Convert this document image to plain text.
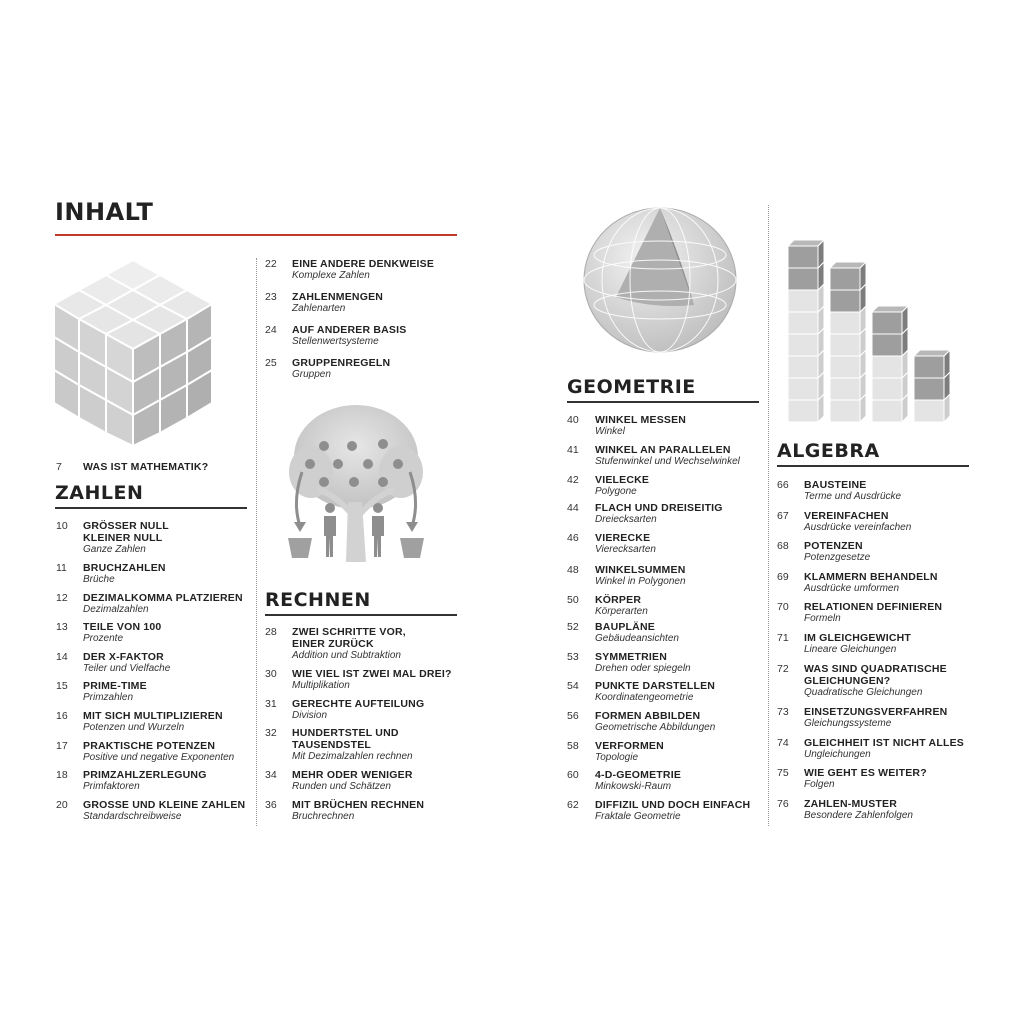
INHALT
7 WAS IST MATHEMATIK?
ZAHLEN
10 GRÖSSER NULL
KLEINER NULL
Ganze Zahlen
11 BRUCHZAHLEN
Brüche
12 DEZIMALKOMMA PLATZIEREN
Dezimalzahlen
13 TEILE VON 100
Prozente
14 DER X-FAKTOR
Teiler und Vielfache
15 PRIME-TIME
Primzahlen
16 MIT SICH MULTIPLIZIEREN
Potenzen und Wurzeln
17 PRAKTISCHE POTENZEN
Positive und negative Exponenten
18 PRIMZAHLZERLEGUNG
Primfaktoren
20 GROSSE UND KLEINE ZAHLEN
Standardschreibweise
22 EINE ANDERE DENKWEISE
Komplexe Zahlen
23 ZAHLENMENGEN
Zahlenarten
24 AUF ANDERER BASIS
Stellenwertsysteme
25 GRUPPENREGELN
Gruppen
RECHNEN
28 ZWEI SCHRITTE VOR,
EINER ZURÜCK
Addition und Subtraktion
30 WIE VIEL IST ZWEI MAL DREI?
Multiplikation
31 GERECHTE AUFTEILUNG
Division
32 HUNDERTSTEL UND
TAUSENDSTEL
Mit Dezimalzahlen rechnen
34 MEHR ODER WENIGER
Runden und Schätzen
36 MIT BRÜCHEN RECHNEN
Bruchrechnen
GEOMETRIE
40 WINKEL MESSEN
Winkel
41 WINKEL AN PARALLELEN
Stufenwinkel und Wechselwinkel
42 VIELECKE
Polygone
44 FLACH UND DREISEITIG
Dreiecksarten
46 VIERECKE
Vierecksarten
48 WINKELSUMMEN
Winkel in Polygonen
50 KÖRPER
Körperarten
52 BAUPLÄNE
Gebäudeansichten
53 SYMMETRIEN
Drehen oder spiegeln
54 PUNKTE DARSTELLEN
Koordinatengeometrie
56 FORMEN ABBILDEN
Geometrische Abbildungen
58 VERFORMEN
Topologie
60 4-D-GEOMETRIE
Minkowski-Raum
62 DIFFIZIL UND DOCH EINFACH
Fraktale Geometrie
ALGEBRA
66 BAUSTEINE
Terme und Ausdrücke
67 VEREINFACHEN
Ausdrücke vereinfachen
68 POTENZEN
Potenzgesetze
69 KLAMMERN BEHANDELN
Ausdrücke umformen
70 RELATIONEN DEFINIEREN
Formeln
71 IM GLEICHGEWICHT
Lineare Gleichungen
72 WAS SIND QUADRATISCHE
GLEICHUNGEN?
Quadratische Gleichungen
73 EINSETZUNGSVERFAHREN
Gleichungssysteme
74 GLEICHHEIT IST NICHT ALLES
Ungleichungen
75 WIE GEHT ES WEITER?
Folgen
76 ZAHLEN-MUSTER
Besondere Zahlenfolgen
